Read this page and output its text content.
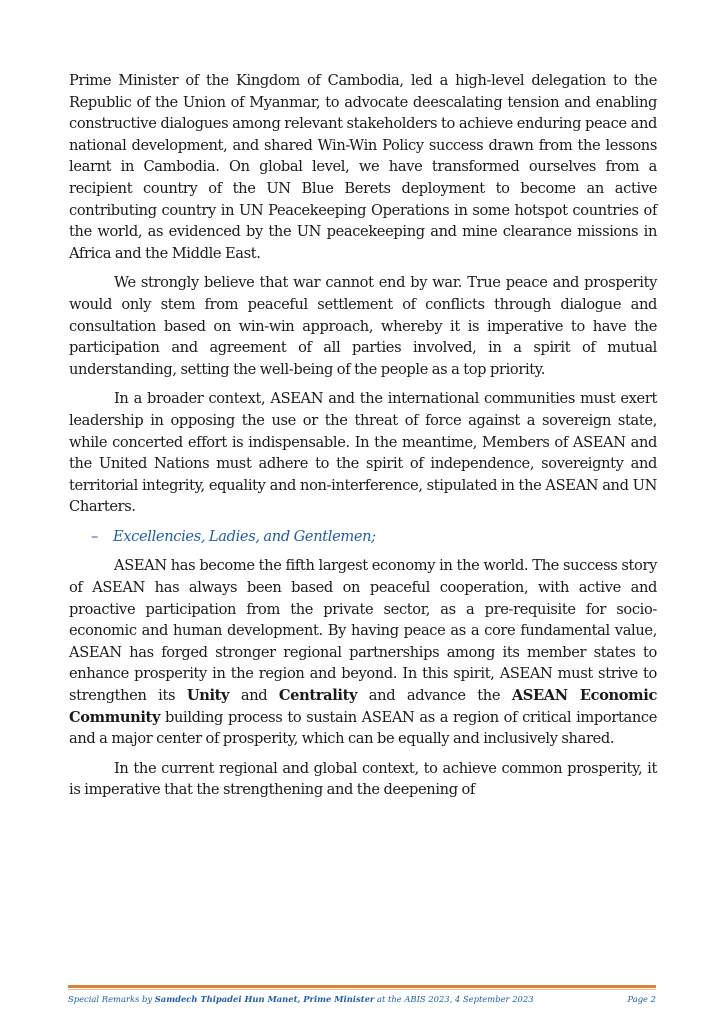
Prime Minister of the Kingdom of Cambodia, led a high-level delegation to the Republic of the Union of Myanmar, to advocate deescalating tension and enabling constructive dialogues among relevant stakeholders to achieve enduring peace and national development, and shared Win-Win Policy success drawn from the lessons learnt in Cambodia. On global level, we have transformed ourselves from a recipient country of the UN Blue Berets deployment to become an active contributing country in UN Peacekeeping Operations in some hotspot countries of the world, as evidenced by the UN peacekeeping and mine clearance missions in Africa and the Middle East.

We strongly believe that war cannot end by war. True peace and prosperity would only stem from peaceful settlement of conflicts through dialogue and consultation based on win-win approach, whereby it is imperative to have the participation and agreement of all parties involved, in a spirit of mutual understanding, setting the well-being of the people as a top priority.

In a broader context, ASEAN and the international communities must exert leadership in opposing the use or the threat of force against a sovereign state, while concerted effort is indispensable. In the meantime, Members of ASEAN and the United Nations must adhere to the spirit of independence, sovereignty and territorial integrity, equality and non-interference, stipulated in the ASEAN and UN Charters.

–	Excellencies, Ladies, and Gentlemen;

ASEAN has become the fifth largest economy in the world. The success story of ASEAN has always been based on peaceful cooperation, with active and proactive participation from the private sector, as a pre-requisite for socio-economic and human development. By having peace as a core fundamental value, ASEAN has forged stronger regional partnerships among its member states to enhance prosperity in the region and beyond. In this spirit, ASEAN must strive to strengthen its Unity and Centrality and advance the ASEAN Economic Community building process to sustain ASEAN as a region of critical importance and a major center of prosperity, which can be equally and inclusively shared.

In the current regional and global context, to achieve common prosperity, it is imperative that the strengthening and the deepening of

Special Remarks by Samdech Thipadei Hun Manet, Prime Minister at the ABIS 2023, 4 September 2023	Page 2
